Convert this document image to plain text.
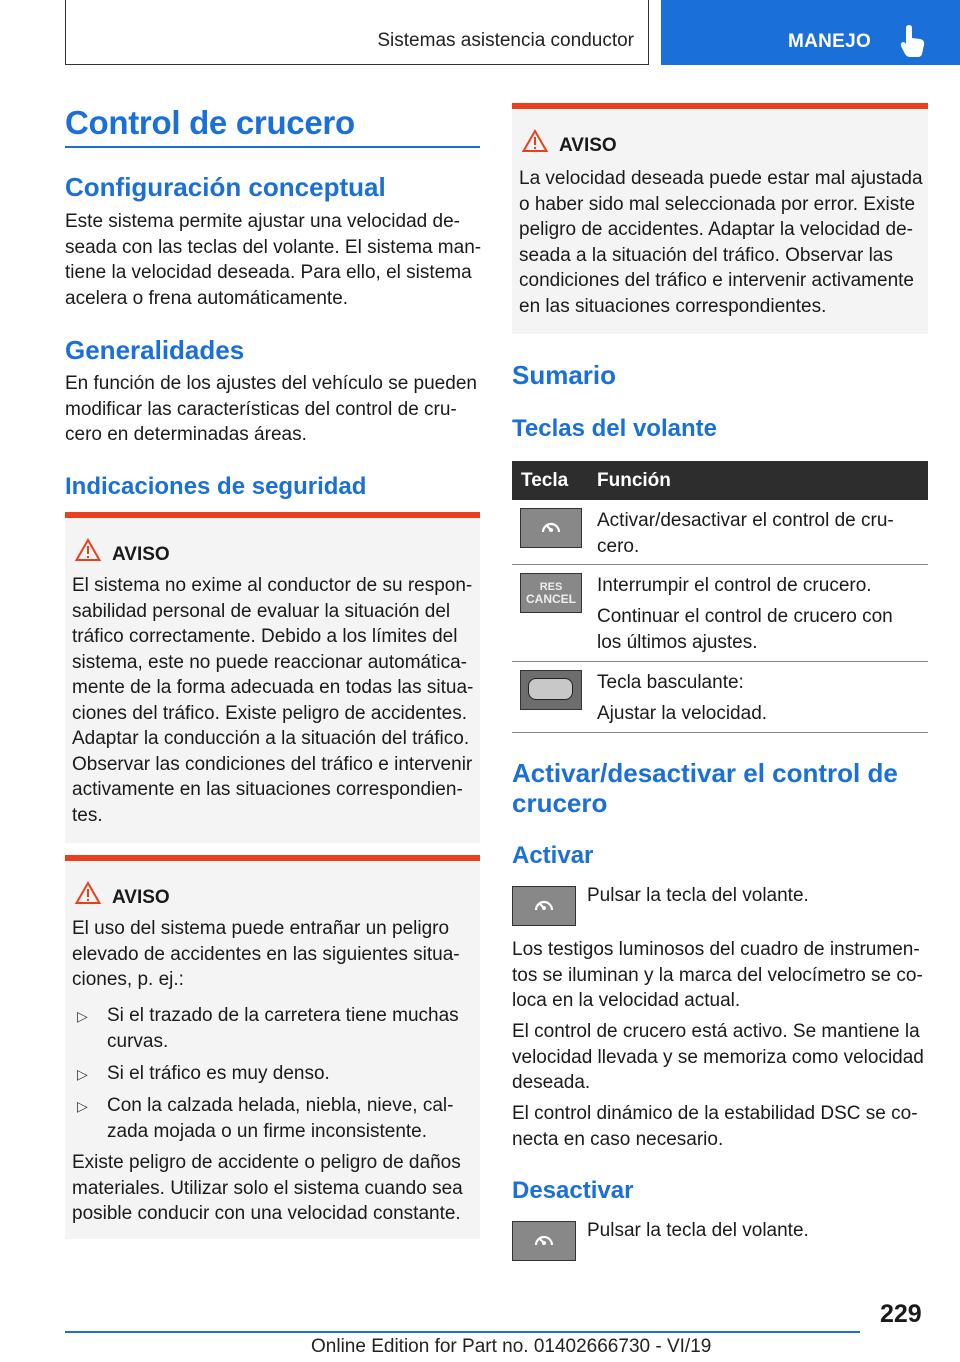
Sistemas asistencia conductor	MANEJO
Control de crucero
Configuración conceptual

Este sistema permite ajustar una velocidad de‐

seada con las teclas del volante. El sistema man‐

tiene la velocidad deseada. Para ello, el sistema

acelera o frena automáticamente.

Generalidades

En función de los ajustes del vehículo se pueden

modificar las características del control de cru‐

cero en determinadas áreas.

Indicaciones de seguridad
AVISO

El sistema no exime al conductor de su respon‐

sabilidad personal de evaluar la situación del

tráfico correctamente. Debido a los límites del

sistema, este no puede reaccionar automática‐

mente de la forma adecuada en todas las situa‐

ciones del tráfico. Existe peligro de accidentes.

Adaptar la conducción a la situación del tráfico.

Observar las condiciones del tráfico e intervenir

activamente en las situaciones correspondien‐

tes.

AVISO

El uso del sistema puede entrañar un peligro

elevado de accidentes en las siguientes situa‐

ciones, p. ej.:

▷ Si el trazado de la carretera tiene muchas
curvas.
▷ Si el tráfico es muy denso.
▷ Con la calzada helada, niebla, nieve, cal‐
zada mojada o un firme inconsistente.

Existe peligro de accidente o peligro de daños

materiales. Utilizar solo el sistema cuando sea

posible conducir con una velocidad constante.

AVISO

La velocidad deseada puede estar mal ajustada

o haber sido mal seleccionada por error. Existe

peligro de accidentes. Adaptar la velocidad de‐

seada a la situación del tráfico. Observar las

condiciones del tráfico e intervenir activamente

en las situaciones correspondientes.

Sumario
Teclas del volante
Tecla Función
Activar/desactivar el control de cru‐
cero.
RES
CANCEL
Interrumpir el control de crucero.
Continuar el control de crucero con
los últimos ajustes.
Tecla basculante:
Ajustar la velocidad.
Activar/desactivar el control de
crucero
Activar
Pulsar la tecla del volante.

Los testigos luminosos del cuadro de instrumen‐

tos se iluminan y la marca del velocímetro se co‐

loca en la velocidad actual.

El control de crucero está activo. Se mantiene la

velocidad llevada y se memoriza como velocidad

deseada.

El control dinámico de la estabilidad DSC se co‐

necta en caso necesario.

Desactivar
Pulsar la tecla del volante.
229
Online Edition for Part no. 01402666730 - VI/19
